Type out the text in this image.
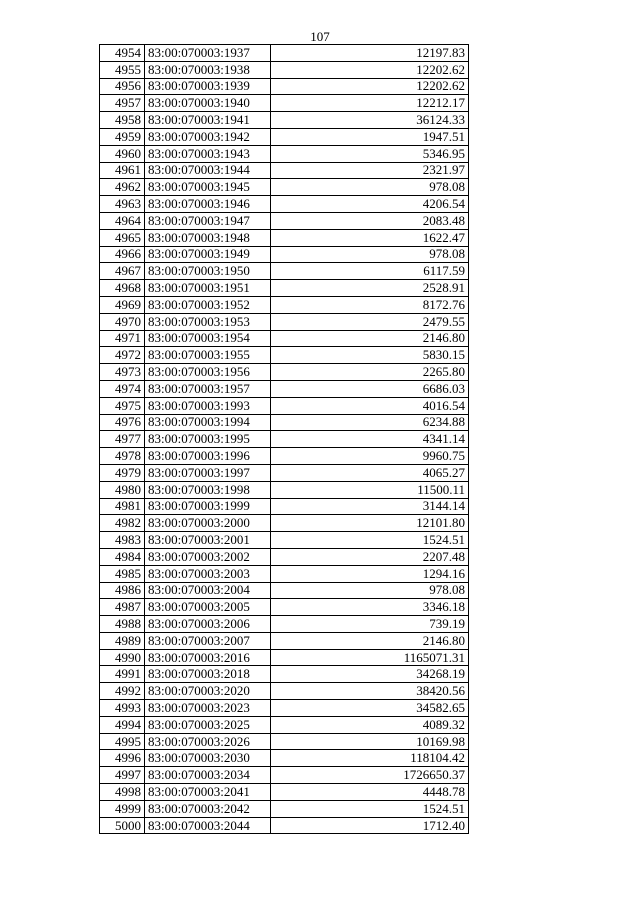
107
4954	83:00:070003:1937	12197.83
4955	83:00:070003:1938	12202.62
4956	83:00:070003:1939	12202.62
4957	83:00:070003:1940	12212.17
4958	83:00:070003:1941	36124.33
4959	83:00:070003:1942	1947.51
4960	83:00:070003:1943	5346.95
4961	83:00:070003:1944	2321.97
4962	83:00:070003:1945	978.08
4963	83:00:070003:1946	4206.54
4964	83:00:070003:1947	2083.48
4965	83:00:070003:1948	1622.47
4966	83:00:070003:1949	978.08
4967	83:00:070003:1950	6117.59
4968	83:00:070003:1951	2528.91
4969	83:00:070003:1952	8172.76
4970	83:00:070003:1953	2479.55
4971	83:00:070003:1954	2146.80
4972	83:00:070003:1955	5830.15
4973	83:00:070003:1956	2265.80
4974	83:00:070003:1957	6686.03
4975	83:00:070003:1993	4016.54
4976	83:00:070003:1994	6234.88
4977	83:00:070003:1995	4341.14
4978	83:00:070003:1996	9960.75
4979	83:00:070003:1997	4065.27
4980	83:00:070003:1998	11500.11
4981	83:00:070003:1999	3144.14
4982	83:00:070003:2000	12101.80
4983	83:00:070003:2001	1524.51
4984	83:00:070003:2002	2207.48
4985	83:00:070003:2003	1294.16
4986	83:00:070003:2004	978.08
4987	83:00:070003:2005	3346.18
4988	83:00:070003:2006	739.19
4989	83:00:070003:2007	2146.80
4990	83:00:070003:2016	1165071.31
4991	83:00:070003:2018	34268.19
4992	83:00:070003:2020	38420.56
4993	83:00:070003:2023	34582.65
4994	83:00:070003:2025	4089.32
4995	83:00:070003:2026	10169.98
4996	83:00:070003:2030	118104.42
4997	83:00:070003:2034	1726650.37
4998	83:00:070003:2041	4448.78
4999	83:00:070003:2042	1524.51
5000	83:00:070003:2044	1712.40
